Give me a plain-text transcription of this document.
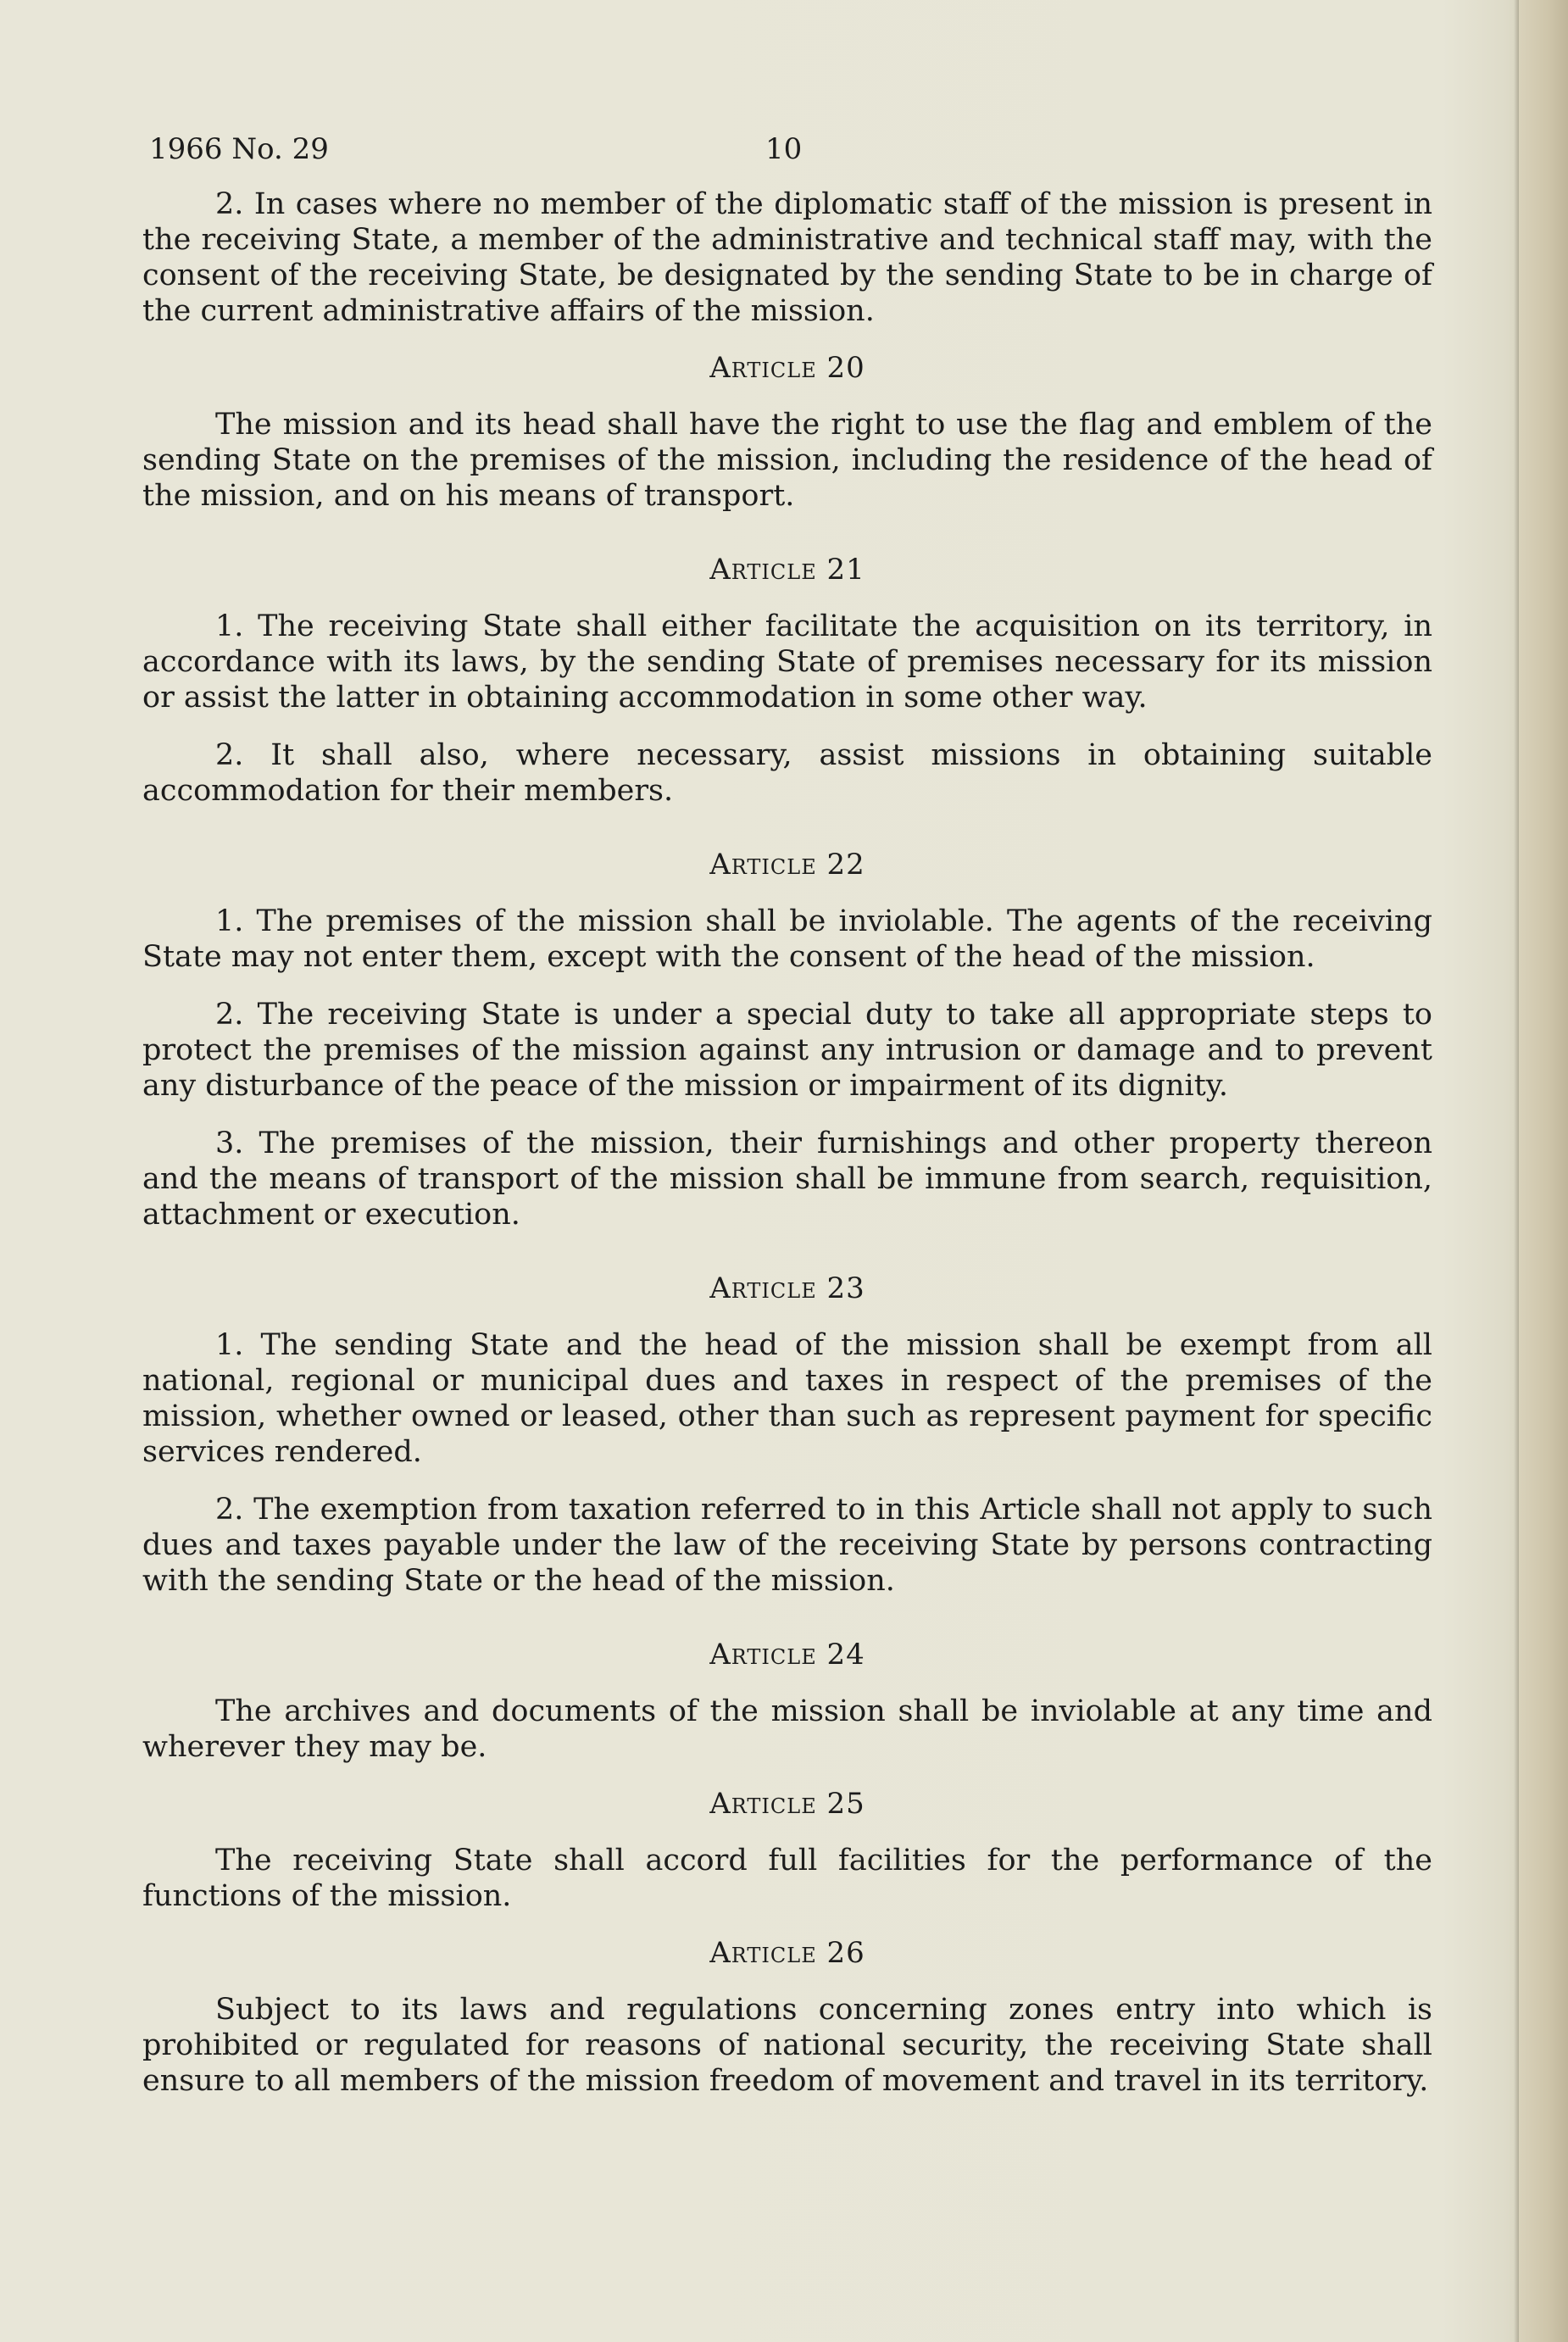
1966 No. 29	10

2. In cases where no member of the diplomatic staff of the mission is present in the receiving State, a member of the administrative and technical staff may, with the consent of the receiving State, be designated by the sending State to be in charge of the current administrative affairs of the mission.

Article 20

The mission and its head shall have the right to use the flag and emblem of the sending State on the premises of the mission, including the residence of the head of the mission, and on his means of transport.

Article 21

1. The receiving State shall either facilitate the acquisition on its territory, in accordance with its laws, by the sending State of premises necessary for its mission or assist the latter in obtaining accommodation in some other way.

2. It shall also, where necessary, assist missions in obtaining suitable accommodation for their members.

Article 22

1. The premises of the mission shall be inviolable. The agents of the receiving State may not enter them, except with the consent of the head of the mission.

2. The receiving State is under a special duty to take all appropriate steps to protect the premises of the mission against any intrusion or damage and to prevent any disturbance of the peace of the mission or impairment of its dignity.

3. The premises of the mission, their furnishings and other property thereon and the means of transport of the mission shall be immune from search, requisition, attachment or execution.

Article 23

1. The sending State and the head of the mission shall be exempt from all national, regional or municipal dues and taxes in respect of the premises of the mission, whether owned or leased, other than such as represent payment for specific services rendered.

2. The exemption from taxation referred to in this Article shall not apply to such dues and taxes payable under the law of the receiving State by persons contracting with the sending State or the head of the mission.

Article 24

The archives and documents of the mission shall be inviolable at any time and wherever they may be.

Article 25

The receiving State shall accord full facilities for the performance of the functions of the mission.

Article 26

Subject to its laws and regulations concerning zones entry into which is prohibited or regulated for reasons of national security, the receiving State shall ensure to all members of the mission freedom of movement and travel in its territory.
